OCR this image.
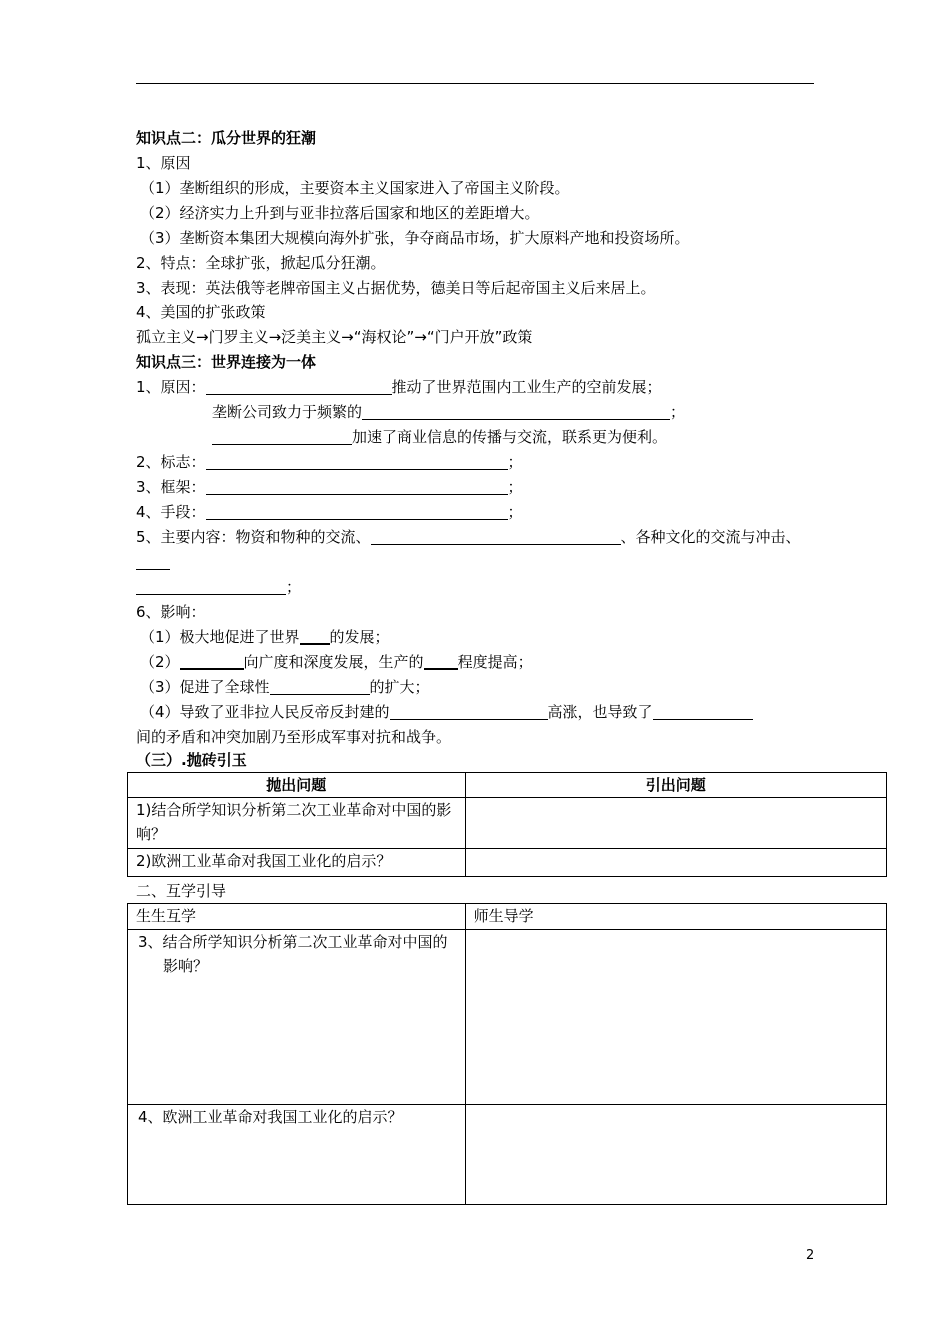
知识点二：瓜分世界的狂潮
1、原因
（1）垄断组织的形成，主要资本主义国家进入了帝国主义阶段。
（2）经济实力上升到与亚非拉落后国家和地区的差距增大。
（3）垄断资本集团大规模向海外扩张，争夺商品市场，扩大原料产地和投资场所。
2、特点：全球扩张，掀起瓜分狂潮。
3、表现：英法俄等老牌帝国主义占据优势，德美日等后起帝国主义后来居上。
4、美国的扩张政策
孤立主义→门罗主义→泛美主义→“海权论”→“门户开放”政策
知识点三：世界连接为一体
1、原因：	推动了世界范围内工业生产的空前发展；
垄断公司致力于频繁的	；
加速了商业信息的传播与交流，联系更为便利。
2、标志：	；
3、框架：	；
4、手段：	；
5、主要内容：物资和物种的交流、	、各种文化的交流与冲击、
；
6、影响：
（1）极大地促进了世界 的发展；
（2）	向广度和深度发展，生产的 程度提高；
（3）促进了全球性	的扩大；
（4）导致了亚非拉人民反帝反封建的	高涨，也导致了
间的矛盾和冲突加剧乃至形成军事对抗和战争。
（三）.抛砖引玉
抛出问题	引出问题
1)结合所学知识分析第二次工业革命对中国的影响？	
2)欧洲工业革命对我国工业化的启示？	
二、互学引导
生生互学	师生导学

3、结合所学知识分析第二次工业革命对中国的影响？	

4、欧洲工业革命对我国工业化的启示？	
2
